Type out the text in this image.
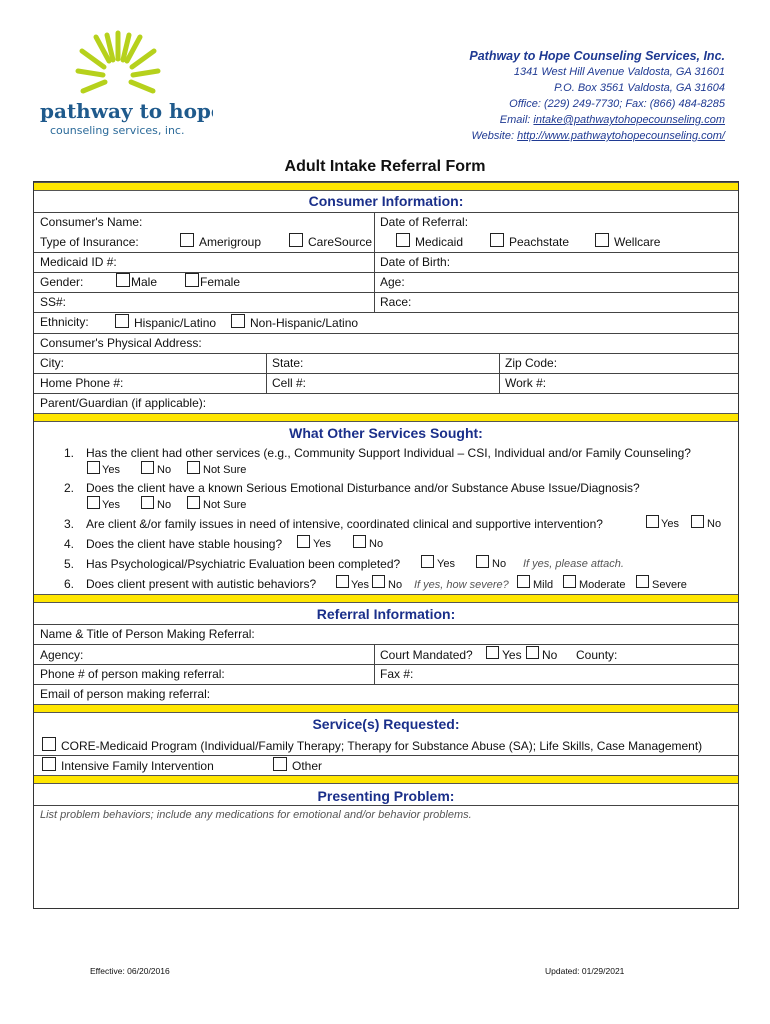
pathway to hope
counseling services, inc.
Pathway to Hope Counseling Services, Inc.
1341 West Hill Avenue Valdosta, GA 31601
P.O. Box 3561 Valdosta, GA 31604
Office: (229) 249-7730; Fax: (866) 484-8285
Email: intake@pathwaytohopecounseling.com
Website: http://www.pathwaytohopecounseling.com/
Adult Intake Referral Form
Consumer Information:
Consumer's Name:	Date of Referral:
Type of Insurance:	Amerigroup	CareSource	Medicaid	Peachstate	Wellcare
Medicaid ID #:	Date of Birth:
Gender:	Male	Female	Age:
SS#:	Race:
Ethnicity:	Hispanic/Latino	Non-Hispanic/Latino
Consumer's Physical Address:
City:	State:	Zip Code:
Home Phone #:	Cell #:	Work #:
Parent/Guardian (if applicable):
What Other Services Sought:
1. Has the client had other services (e.g., Community Support Individual – CSI, Individual and/or Family Counseling?
Yes	No	Not Sure
2. Does the client have a known Serious Emotional Disturbance and/or Substance Abuse Issue/Diagnosis?
Yes	No	Not Sure
3. Are client &/or family issues in need of intensive, coordinated clinical and supportive intervention?	Yes	No
4. Does the client have stable housing?	Yes	No
5. Has Psychological/Psychiatric Evaluation been completed?	Yes	No If yes, please attach.
6. Does client present with autistic behaviors?	Yes No If yes, how severe? Mild Moderate Severe
Referral Information:
Name & Title of Person Making Referral:
Agency:	Court Mandated? Yes No County:
Phone # of person making referral:	Fax #:
Email of person making referral:
Service(s) Requested:
CORE-Medicaid Program (Individual/Family Therapy; Therapy for Substance Abuse (SA); Life Skills, Case Management)
Intensive Family Intervention	Other
Presenting Problem:
List problem behaviors; include any medications for emotional and/or behavior problems.
Effective: 06/20/2016	Updated: 01/29/2021
